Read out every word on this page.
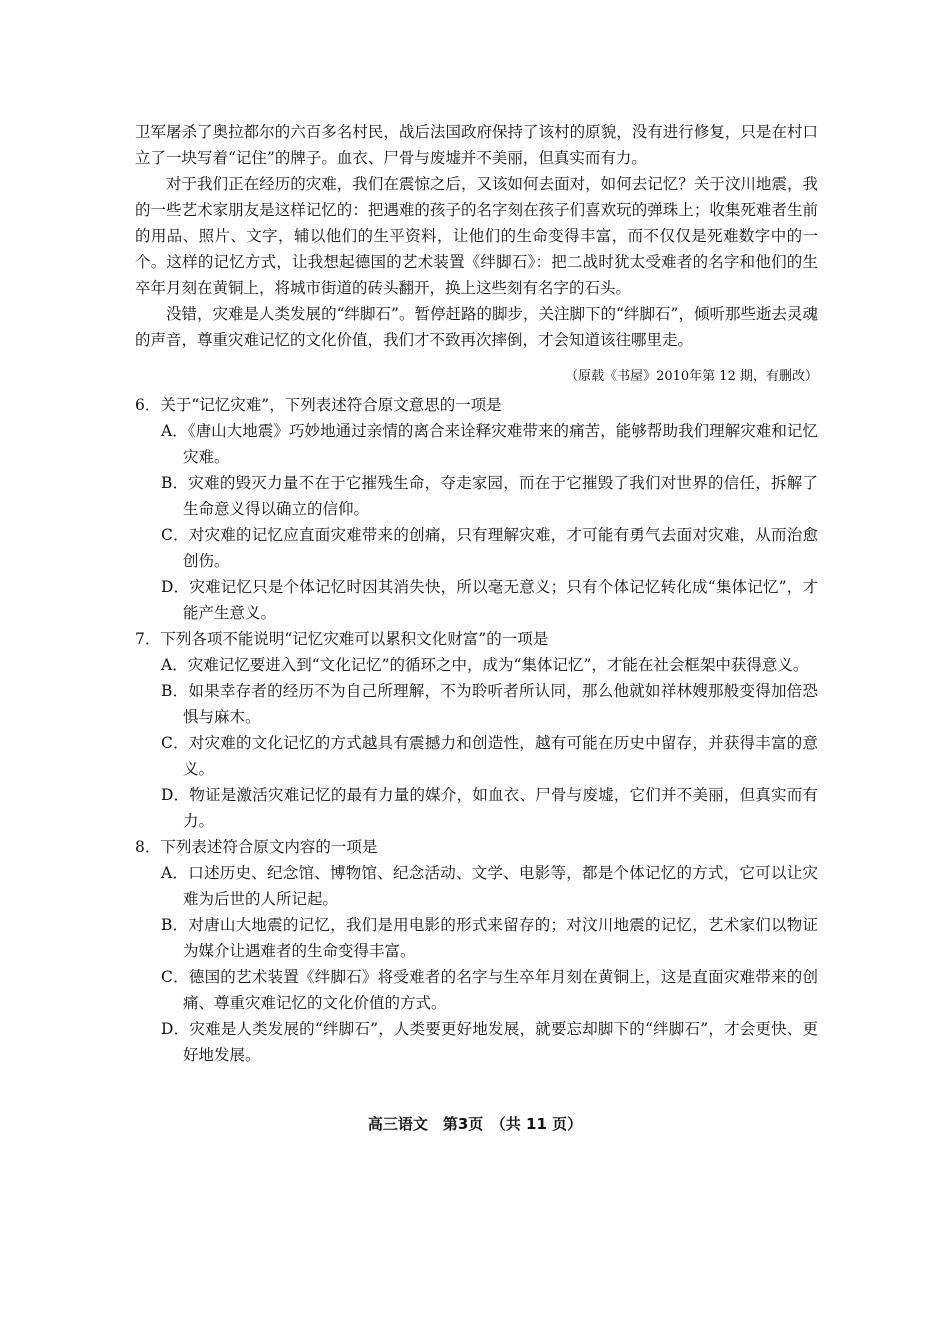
卫军屠杀了奥拉都尔的六百多名村民，战后法国政府保持了该村的原貌，没有进行修复，只是在村口立了一块写着“记住”的牌子。血衣、尸骨与废墟并不美丽，但真实而有力。

对于我们正在经历的灾难，我们在震惊之后，又该如何去面对，如何去记忆？关于汶川地震，我的一些艺术家朋友是这样记忆的：把遇难的孩子的名字刻在孩子们喜欢玩的弹珠上；收集死难者生前的用品、照片、文字，辅以他们的生平资料，让他们的生命变得丰富，而不仅仅是死难数字中的一个。这样的记忆方式，让我想起德国的艺术装置《绊脚石》：把二战时犹太受难者的名字和他们的生卒年月刻在黄铜上，将城市街道的砖头翻开，换上这些刻有名字的石头。

没错，灾难是人类发展的“绊脚石”。暂停赶路的脚步，关注脚下的“绊脚石”，倾听那些逝去灵魂的声音，尊重灾难记忆的文化价值，我们才不致再次摔倒，才会知道该往哪里走。

（原载《书屋》2010年第 12 期，有删改）

6．关于“记忆灾难”，下列表述符合原文意思的一项是

A．《唐山大地震》巧妙地通过亲情的离合来诠释灾难带来的痛苦，能够帮助我们理解灾难和记忆灾难。

B．灾难的毁灭力量不在于它摧残生命，夺走家园，而在于它摧毁了我们对世界的信任，拆解了生命意义得以确立的信仰。

C．对灾难的记忆应直面灾难带来的创痛，只有理解灾难，才可能有勇气去面对灾难，从而治愈创伤。

D．灾难记忆只是个体记忆时因其消失快，所以毫无意义；只有个体记忆转化成“集体记忆”，才能产生意义。

7．下列各项不能说明“记忆灾难可以累积文化财富”的一项是

A．灾难记忆要进入到“文化记忆”的循环之中，成为“集体记忆”，才能在社会框架中获得意义。

B．如果幸存者的经历不为自己所理解，不为聆听者所认同，那么他就如祥林嫂那般变得加倍恐惧与麻木。

C．对灾难的文化记忆的方式越具有震撼力和创造性，越有可能在历史中留存，并获得丰富的意义。

D．物证是激活灾难记忆的最有力量的媒介，如血衣、尸骨与废墟，它们并不美丽，但真实而有力。

8．下列表述符合原文内容的一项是

A．口述历史、纪念馆、博物馆、纪念活动、文学、电影等，都是个体记忆的方式，它可以让灾难为后世的人所记起。

B．对唐山大地震的记忆，我们是用电影的形式来留存的；对汶川地震的记忆，艺术家们以物证为媒介让遇难者的生命变得丰富。

C．德国的艺术装置《绊脚石》将受难者的名字与生卒年月刻在黄铜上，这是直面灾难带来的创痛、尊重灾难记忆的文化价值的方式。

D．灾难是人类发展的“绊脚石”，人类要更好地发展，就要忘却脚下的“绊脚石”，才会更快、更好地发展。

高三语文　第3页　（共 11 页）
